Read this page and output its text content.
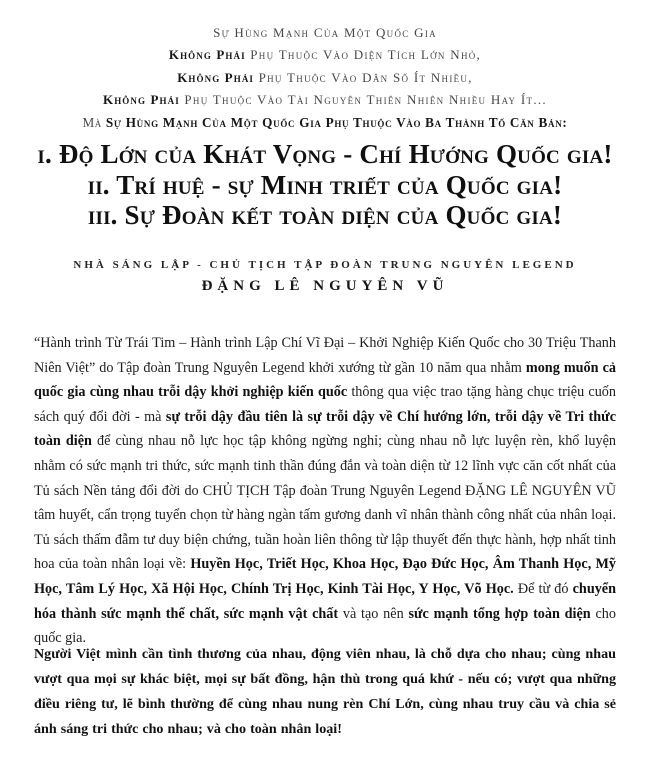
Sự Hùng Mạnh Của Một Quốc Gia

Không Phải Phụ Thuộc Vào Diện Tích Lớn Nhỏ,

Không Phải Phụ Thuộc Vào Dân Số Ít Nhiều,

Không Phải Phụ Thuộc Vào Tài Nguyên Thiên Nhiên Nhiều Hay Ít...

Mà Sự Hùng Mạnh Của Một Quốc Gia Phụ Thuộc Vào Ba Thành Tố Căn Bản:

i. Độ Lớn của Khát Vọng - Chí Hướng Quốc gia!
ii. Trí huệ - sự Minh triết của Quốc gia!
iii. Sự Đoàn kết toàn diện của Quốc gia!

NHÀ SÁNG LẬP - CHỦ TỊCH TẬP ĐOÀN TRUNG NGUYÊN LEGEND

ĐẶNG LÊ NGUYÊN VŨ

“Hành trình Từ Trái Tim – Hành trình Lập Chí Vĩ Đại – Khởi Nghiệp Kiến Quốc cho 30 Triệu Thanh Niên Việt” do Tập đoàn Trung Nguyên Legend khởi xướng từ gần 10 năm qua nhằm mong muốn cả quốc gia cùng nhau trỗi dậy khởi nghiệp kiến quốc thông qua việc trao tặng hàng chục triệu cuốn sách quý đổi đời - mà sự trỗi dậy đầu tiên là sự trỗi dậy về Chí hướng lớn, trỗi dậy về Tri thức toàn diện để cùng nhau nỗ lực học tập không ngừng nghỉ; cùng nhau nỗ lực luyện rèn, khổ luyện nhằm có sức mạnh tri thức, sức mạnh tinh thần đúng đắn và toàn diện từ 12 lĩnh vực căn cốt nhất của Tủ sách Nền tảng đổi đời do CHỦ TỊCH Tập đoàn Trung Nguyên Legend ĐẶNG LÊ NGUYÊN VŨ tâm huyết, cẩn trọng tuyển chọn từ hàng ngàn tấm gương danh vĩ nhân thành công nhất của nhân loại. Tủ sách thấm đẫm tư duy biện chứng, tuần hoàn liên thông từ lập thuyết đến thực hành, hợp nhất tinh hoa của toàn nhân loại về: Huyền Học, Triết Học, Khoa Học, Đạo Đức Học, Âm Thanh Học, Mỹ Học, Tâm Lý Học, Xã Hội Học, Chính Trị Học, Kinh Tài Học, Y Học, Võ Học. Để từ đó chuyển hóa thành sức mạnh thể chất, sức mạnh vật chất và tạo nên sức mạnh tổng hợp toàn diện cho quốc gia.

Người Việt mình cần tình thương của nhau, động viên nhau, là chỗ dựa cho nhau; cùng nhau vượt qua mọi sự khác biệt, mọi sự bất đồng, hận thù trong quá khứ - nếu có; vượt qua những điều riêng tư, lẽ bình thường để cùng nhau nung rèn Chí Lớn, cùng nhau truy cầu và chia sẻ ánh sáng tri thức cho nhau; và cho toàn nhân loại!
